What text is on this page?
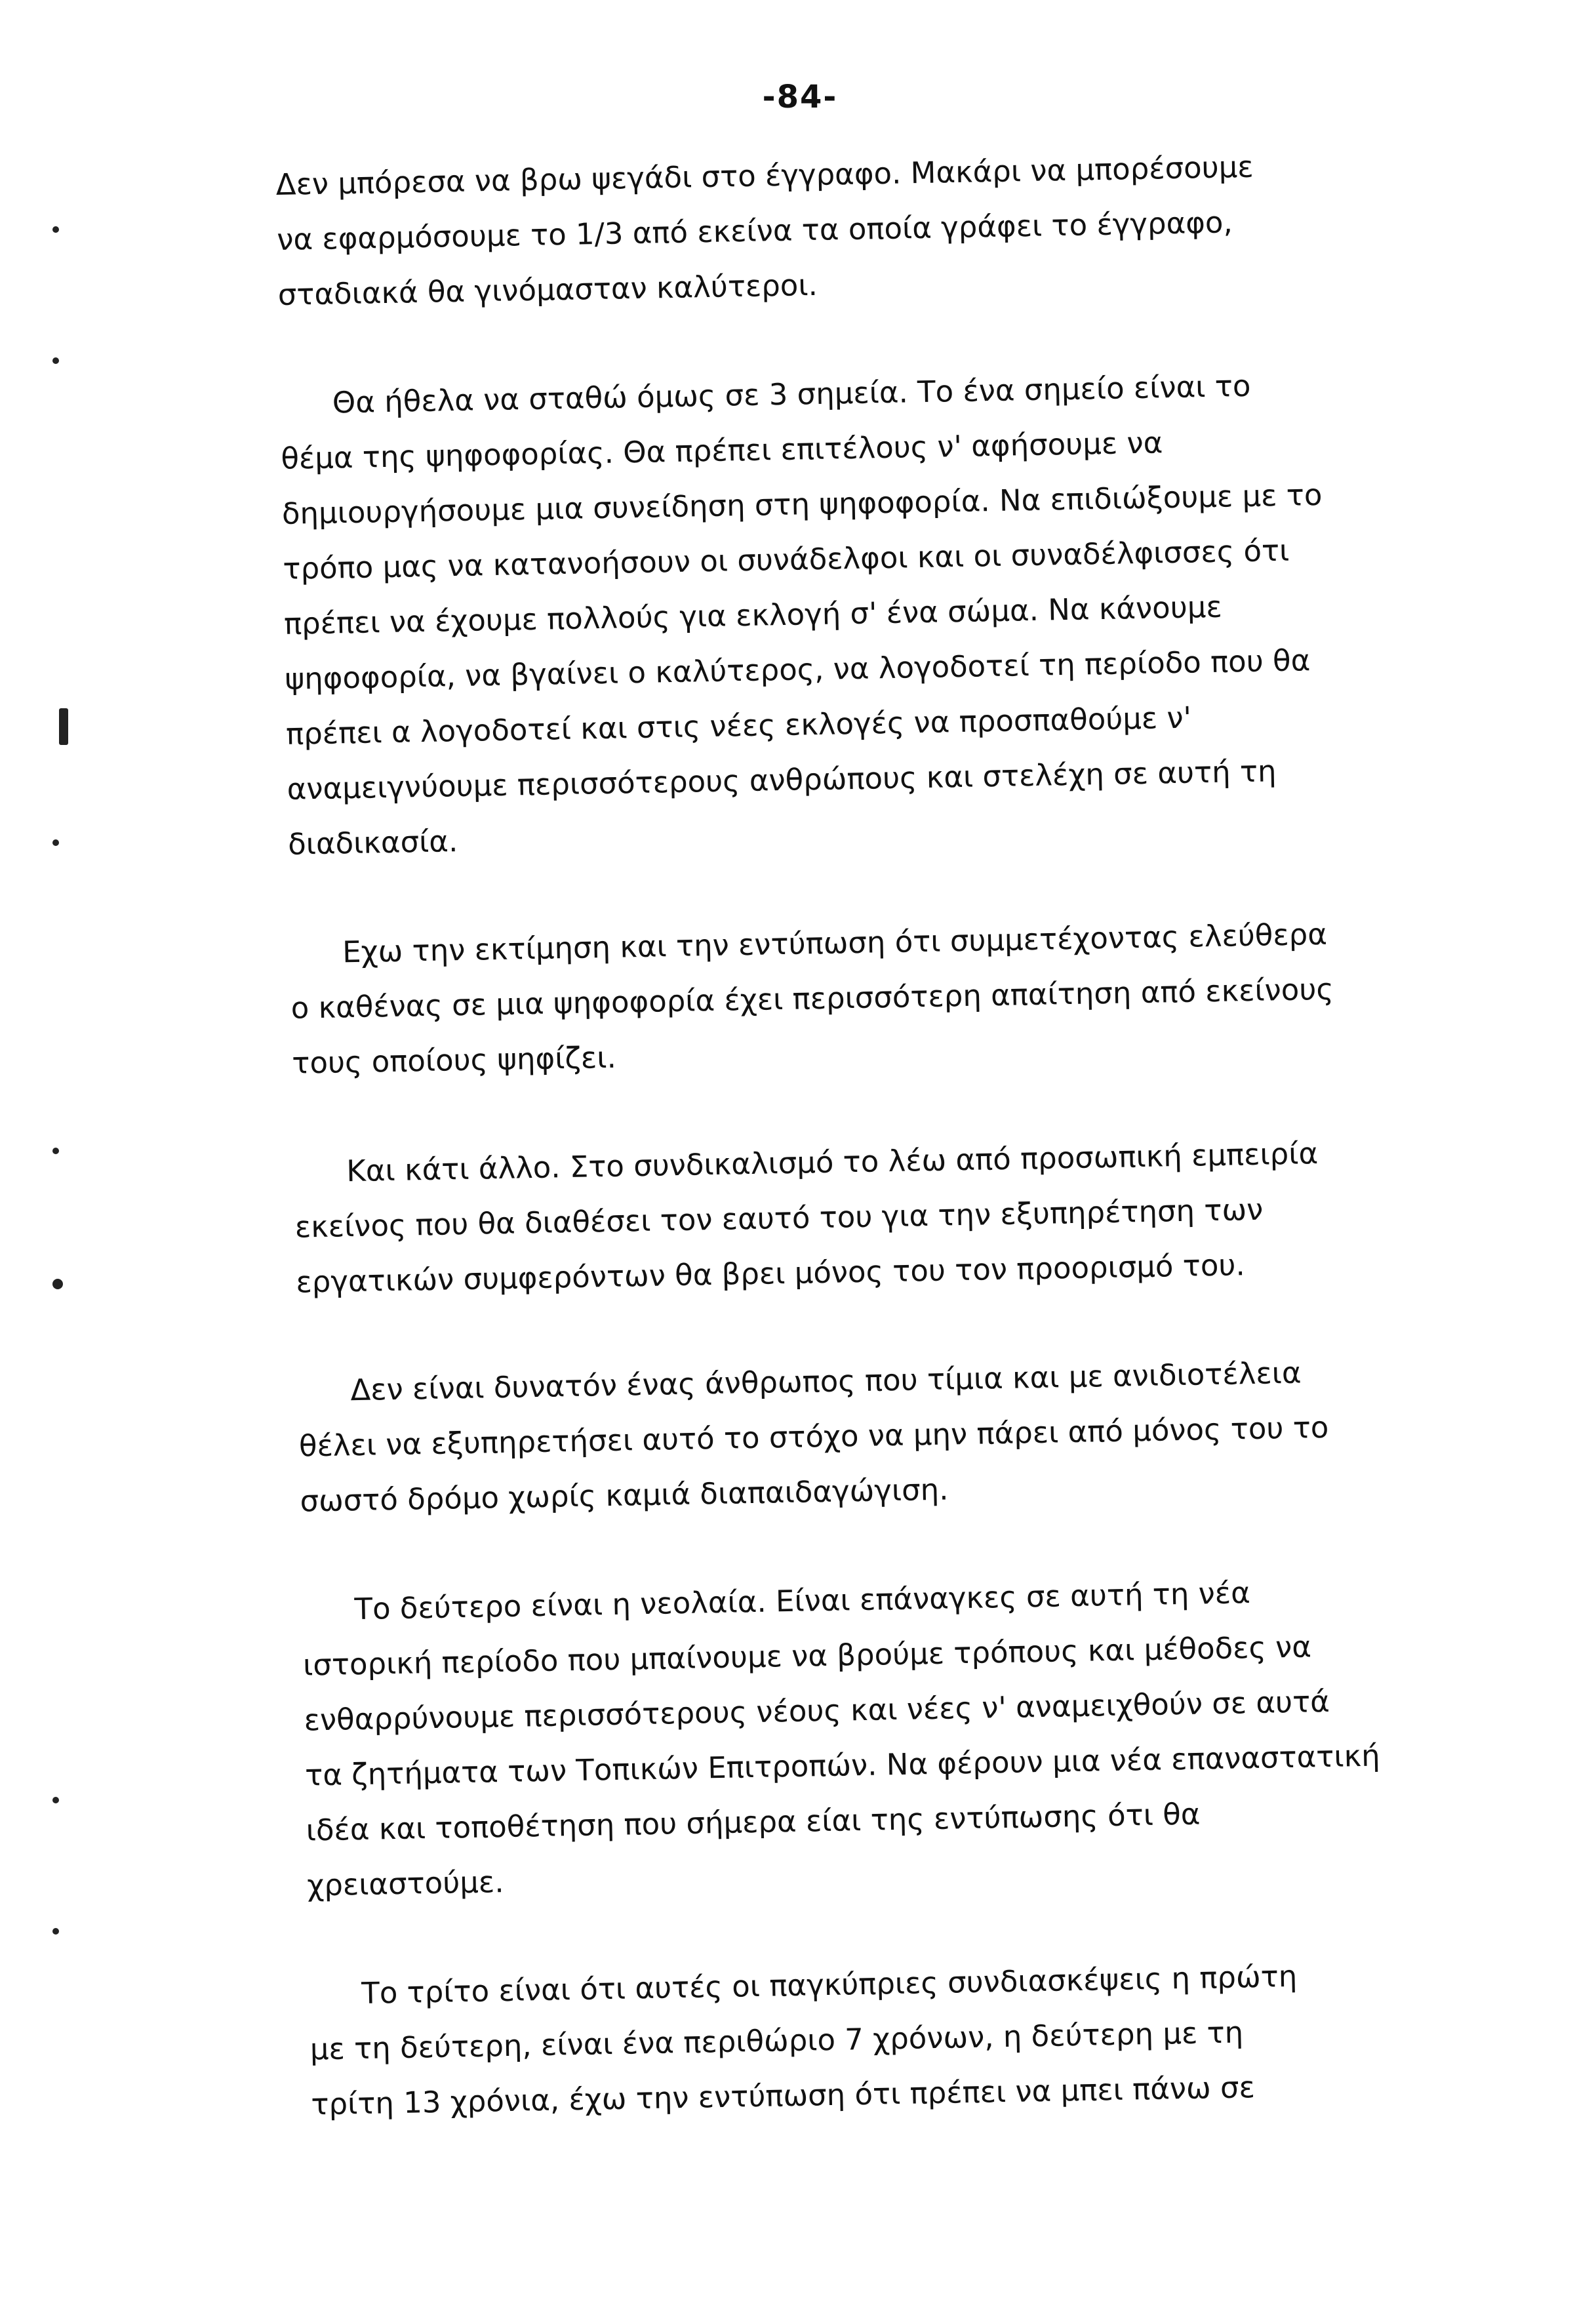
-84-

Δεν μπόρεσα να βρω ψεγάδι στο έγγραφο. Μακάρι να μπορέσουμε
να εφαρμόσουμε το 1/3 από εκείνα τα οποία γράφει το έγγραφο,
σταδιακά θα γινόμασταν καλύτεροι.

Θα ήθελα να σταθώ όμως σε 3 σημεία. Το ένα σημείο είναι το
θέμα της ψηφοφορίας. Θα πρέπει επιτέλους ν' αφήσουμε να
δημιουργήσουμε μια συνείδηση στη ψηφοφορία. Να επιδιώξουμε με το
τρόπο μας να κατανοήσουν οι συνάδελφοι και οι συναδέλφισσες ότι
πρέπει να έχουμε πολλούς για εκλογή σ' ένα σώμα. Να κάνουμε
ψηφοφορία, να βγαίνει ο καλύτερος, να λογοδοτεί τη περίοδο που θα
πρέπει α λογοδοτεί και στις νέες εκλογές να προσπαθούμε ν'
αναμειγνύουμε περισσότερους ανθρώπους και στελέχη σε αυτή τη
διαδικασία.

Εχω την εκτίμηση και την εντύπωση ότι συμμετέχοντας ελεύθερα
ο καθένας σε μια ψηφοφορία έχει περισσότερη απαίτηση από εκείνους
τους οποίους ψηφίζει.

Και κάτι άλλο. Στο συνδικαλισμό το λέω από προσωπική εμπειρία
εκείνος που θα διαθέσει τον εαυτό του για την εξυπηρέτηση των
εργατικών συμφερόντων θα βρει μόνος του τον προορισμό του.

Δεν είναι δυνατόν ένας άνθρωπος που τίμια και με ανιδιοτέλεια
θέλει να εξυπηρετήσει αυτό το στόχο να μην πάρει από μόνος του το
σωστό δρόμο χωρίς καμιά διαπαιδαγώγιση.

Το δεύτερο είναι η νεολαία. Είναι επάναγκες σε αυτή τη νέα
ιστορική περίοδο που μπαίνουμε να βρούμε τρόπους και μέθοδες να
ενθαρρύνουμε περισσότερους νέους και νέες ν' αναμειχθούν σε αυτά
τα ζητήματα των Τοπικών Επιτροπών. Να φέρουν μια νέα επαναστατική
ιδέα και τοποθέτηση που σήμερα είαι της εντύπωσης ότι θα
χρειαστούμε.

Το τρίτο είναι ότι αυτές οι παγκύπριες συνδιασκέψεις η πρώτη
με τη δεύτερη, είναι ένα περιθώριο 7 χρόνων, η δεύτερη με τη
τρίτη 13 χρόνια, έχω την εντύπωση ότι πρέπει να μπει πάνω σε
